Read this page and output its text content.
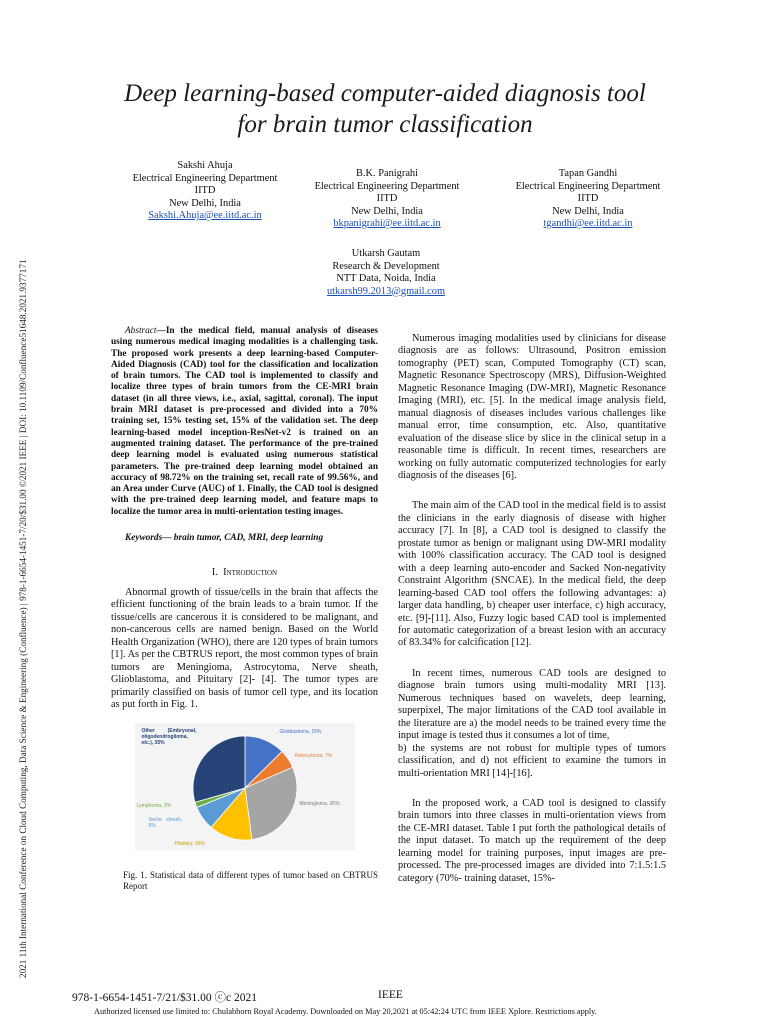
2021 11th International Conference on Cloud Computing, Data Science & Engineering (Confluence) | 978-1-6654-1451-7/20/$31.00 ©2021 IEEE | DOI: 10.1109/Confluence51648.2021.9377171
Deep learning-based computer-aided diagnosis tool
for brain tumor classification
Sakshi Ahuja
Electrical Engineering Department
IITD
New Delhi, India
Sakshi.Ahuja@ee.iitd.ac.in
B.K. Panigrahi
Electrical Engineering Department
IITD
New Delhi, India
bkpanigrahi@ee.iitd.ac.in
Tapan Gandhi
Electrical Engineering Department
IITD
New Delhi, India
tgandhi@ee.iitd.ac.in
Utkarsh Gautam
Research & Development
NTT Data, Noida, India
utkarsh99.2013@gmail.com
Abstract—In the medical field, manual analysis of diseases using numerous medical imaging modalities is a challenging task. The proposed work presents a deep learning-based Computer-Aided Diagnosis (CAD) tool for the classification and localization of brain tumors. The CAD tool is implemented to classify and localize three types of brain tumors from the CE-MRI brain dataset (in all three views, i.e., axial, sagittal, coronal). The input brain MRI dataset is pre-processed and divided into a 70% training set, 15% testing set, 15% of the validation set. The deep learning-based model inception-ResNet-v2 is trained on an augmented training dataset. The performance of the pre-trained deep learning model is evaluated using numerous statistical parameters. The pre-trained deep learning model obtained an accuracy of 98.72% on the training set, recall rate of 99.56%, and an Area under Curve (AUC) of 1. Finally, the CAD tool is designed with the pre-trained deep learning model, and feature maps to localize the tumor area in multi-orientation testing images.
Keywords— brain tumor, CAD, MRI, deep learning
I. Introduction

Abnormal growth of tissue/cells in the brain that affects the efficient functioning of the brain leads to a brain tumor. If the tissue/cells are cancerous it is considered to be malignant, and non-cancerous cells are named benign. Based on the World Health Organization (WHO), there are 120 types of brain tumors [1]. As per the CBTRUS report, the most common types of brain tumors are Meningioma, Astrocytoma, Nerve sheath, Glioblastoma, and Pituitary [2]- [4]. The tumor types are primarily classified on basis of tumor cell type, and its location as put forth in Fig. 1.

Other (Embryonal, oligodendroglioma, etc.), 35%
Glioblastoma, 15%
Astrocytoma, 7%
Meningioma, 35%
Pituitary, 16%
Nerve sheath, 9%
Lymphoma, 2%
Fig. 1. Statistical data of different types of tumor based on CBTRUS Report

Numerous imaging modalities used by clinicians for disease diagnosis are as follows: Ultrasound, Positron emission tomography (PET) scan, Computed Tomography (CT) scan, Magnetic Resonance Spectroscopy (MRS), Diffusion-Weighted Magnetic Resonance Imaging (DW-MRI), Magnetic Resonance Imaging (MRI), etc. [5]. In the medical image analysis field, manual diagnosis of diseases includes various challenges like manual error, time consumption, etc. Also, quantitative evaluation of the disease slice by slice in the clinical setup in a reasonable time is difficult. In recent times, researchers are working on fully automatic computerized technologies for early diagnosis of the diseases [6].

The main aim of the CAD tool in the medical field is to assist the clinicians in the early diagnosis of disease with higher accuracy [7]. In [8], a CAD tool is designed to classify the prostate tumor as benign or malignant using DW-MRI modality with 100% classification accuracy. The CAD tool is designed with a deep learning auto-encoder and Sacked Non-negativity Constraint Algorithm (SNCAE). In the medical field, the deep learning-based CAD tool offers the following advantages: a) larger data handling, b) cheaper user interface, c) high accuracy, etc. [9]-[11]. Also, Fuzzy logic based CAD tool is implemented for automatic categorization of a breast lesion with an accuracy of 83.34% for calcification [12].

In recent times, numerous CAD tools are designed to diagnose brain tumors using multi-modality MRI [13]. Numerous techniques based on wavelets, deep learning, superpixel, The major limitations of the CAD tool available in the literature are a) the model needs to be trained every time the input image is tested thus it consumes a lot of time,

b) the systems are not robust for multiple types of tumors classification, and d) not efficient to examine the tumors in multi-orientation MRI [14]-[16].

In the proposed work, a CAD tool is designed to classify brain tumors into three classes in multi-orientation views from the CE-MRI dataset. Table I put forth the pathological details of the input dataset. To match up the requirement of the deep learning model for training purposes, input images are pre-processed. The pre-processed images are divided into 7:1.5:1.5 category (70%- training dataset, 15%-

978-1-6654-1451-7/21/$31.00 ⓒc 2021	IEEE
Authorized licensed use limited to: Chulabhorn Royal Academy. Downloaded on May 20,2021 at 05:42:24 UTC from IEEE Xplore. Restrictions apply.
